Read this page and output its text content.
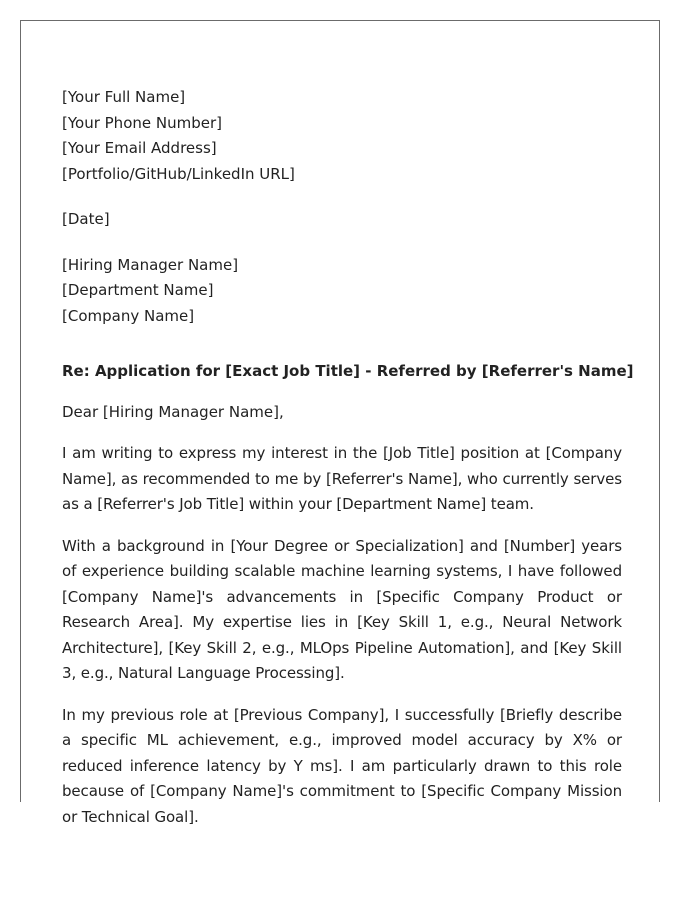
[Your Full Name]
[Your Phone Number]
[Your Email Address]
[Portfolio/GitHub/LinkedIn URL]
[Date]
[Hiring Manager Name]
[Department Name]
[Company Name]
Re: Application for [Exact Job Title] - Referred by [Referrer's Name]
Dear [Hiring Manager Name],

I am writing to express my interest in the [Job Title] position at [Company Name], as recommended to me by [Referrer's Name], who currently serves as a [Referrer's Job Title] within your [Department Name] team.

With a background in [Your Degree or Specialization] and [Number] years of experience building scalable machine learning systems, I have followed [Company Name]'s advancements in [Specific Company Product or Research Area]. My expertise lies in [Key Skill 1, e.g., Neural Network Architecture], [Key Skill 2, e.g., MLOps Pipeline Automation], and [Key Skill 3, e.g., Natural Language Processing].

In my previous role at [Previous Company], I successfully [Briefly describe a specific ML achievement, e.g., improved model accuracy by X% or reduced inference latency by Y ms]. I am particularly drawn to this role because of [Company Name]'s commitment to [Specific Company Mission or Technical Goal].
